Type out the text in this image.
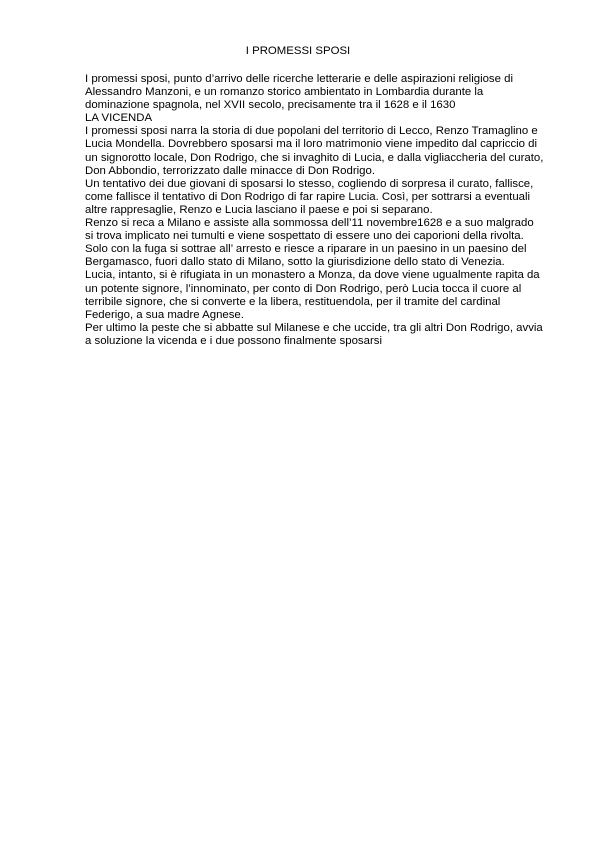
I PROMESSI SPOSI

I promessi sposi, punto d’arrivo delle ricerche letterarie e delle aspirazioni religiose di Alessandro Manzoni, e un romanzo storico ambientato in Lombardia durante la dominazione spagnola, nel XVII secolo, precisamente tra il 1628 e il 1630

LA VICENDA

I promessi sposi narra la storia di due popolani del territorio di Lecco, Renzo Tramaglino e Lucia Mondella. Dovrebbero sposarsi ma il loro matrimonio viene impedito dal capriccio di un signorotto locale, Don Rodrigo, che si invaghito di Lucia, e dalla vigliaccheria del curato, Don Abbondio, terrorizzato dalle minacce di Don Rodrigo.

Un tentativo dei due giovani di sposarsi lo stesso, cogliendo di sorpresa il curato, fallisce, come fallisce il tentativo di Don Rodrigo di far rapire Lucia. Così, per sottrarsi a eventuali altre rappresaglie, Renzo e Lucia lasciano il paese e poi si separano.

Renzo si reca a Milano e assiste alla sommossa dell’11 novembre1628 e a suo malgrado si trova implicato nei tumulti e viene sospettato di essere uno dei caporioni della rivolta. Solo con la fuga si sottrae all’ arresto e riesce a riparare in un paesino in un paesino del Bergamasco, fuori dallo stato di Milano, sotto la giurisdizione dello stato di Venezia.

Lucia, intanto, si è rifugiata in un monastero a Monza, da dove viene ugualmente rapita da un potente signore, l’innominato, per conto di Don Rodrigo, però Lucia tocca il cuore al terribile signore, che si converte e la libera, restituendola, per il tramite del cardinal Federigo, a sua madre Agnese.

Per ultimo la peste che si abbatte sul Milanese e che uccide, tra gli altri Don Rodrigo, avvia a soluzione la vicenda e i due possono finalmente sposarsi
